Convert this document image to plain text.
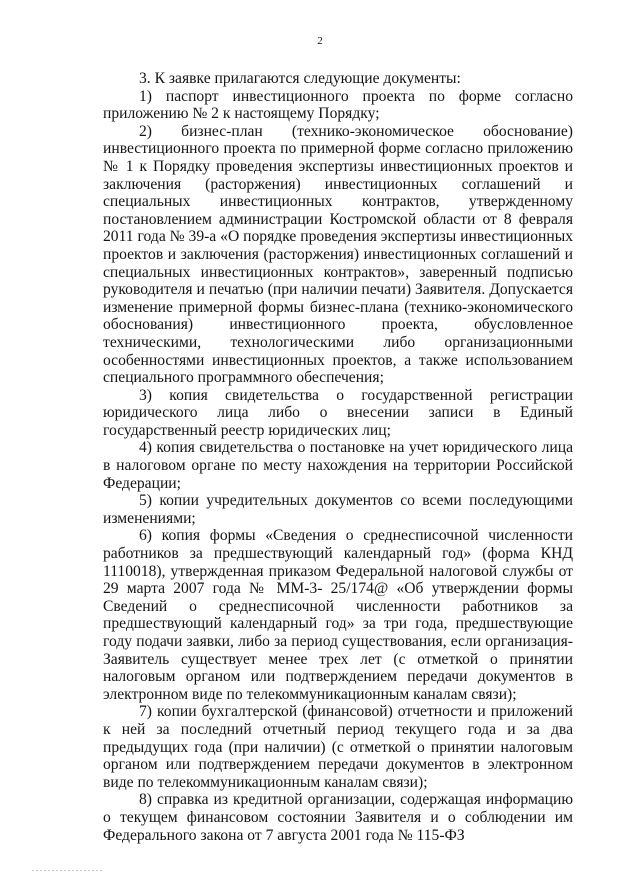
2

3. К заявке прилагаются следующие документы:

1) паспорт инвестиционного проекта по форме согласно приложению № 2 к настоящему Порядку;

2) бизнес-план (технико-экономическое обоснование) инвестиционного проекта по примерной форме согласно приложению № 1 к Порядку проведения экспертизы инвестиционных проектов и заключения (расторжения) инвестиционных соглашений и специальных инвестиционных контрактов, утвержденному постановлением администрации Костромской области от 8 февраля 2011 года № 39-а «О порядке проведения экспертизы инвестиционных проектов и заключения (расторжения) инвестиционных соглашений и специальных инвестиционных контрактов», заверенный подписью руководителя и печатью (при наличии печати) Заявителя. Допускается изменение примерной формы бизнес-плана (технико-экономического обоснования) инвестиционного проекта, обусловленное техническими, технологическими либо организационными особенностями инвестиционных проектов, а также использованием специального программного обеспечения;

3) копия свидетельства о государственной регистрации юридического лица либо о внесении записи в Единый государственный реестр юридических лиц;

4) копия свидетельства о постановке на учет юридического лица в налоговом органе по месту нахождения на территории Российской Федерации;

5) копии учредительных документов со всеми последующими изменениями;

6) копия формы «Сведения о среднесписочной численности работников за предшествующий календарный год» (форма КНД 1110018), утвержденная приказом Федеральной налоговой службы от 29 марта 2007 года № ММ-3- 25/174@ «Об утверждении формы Сведений о среднесписочной численности работников за предшествующий календарный год» за три года, предшествующие году подачи заявки, либо за период существования, если организация-Заявитель существует менее трех лет (с отметкой о принятии налоговым органом или подтверждением передачи документов в электронном виде по телекоммуникационным каналам связи);

7) копии бухгалтерской (финансовой) отчетности и приложений к ней за последний отчетный период текущего года и за два предыдущих года (при наличии) (с отметкой о принятии налоговым органом или подтверждением передачи документов в электронном виде по телекоммуникационным каналам связи);

8) справка из кредитной организации, содержащая информацию о текущем финансовом состоянии Заявителя и о соблюдении им Федерального закона от 7 августа 2001 года № 115-ФЗ
